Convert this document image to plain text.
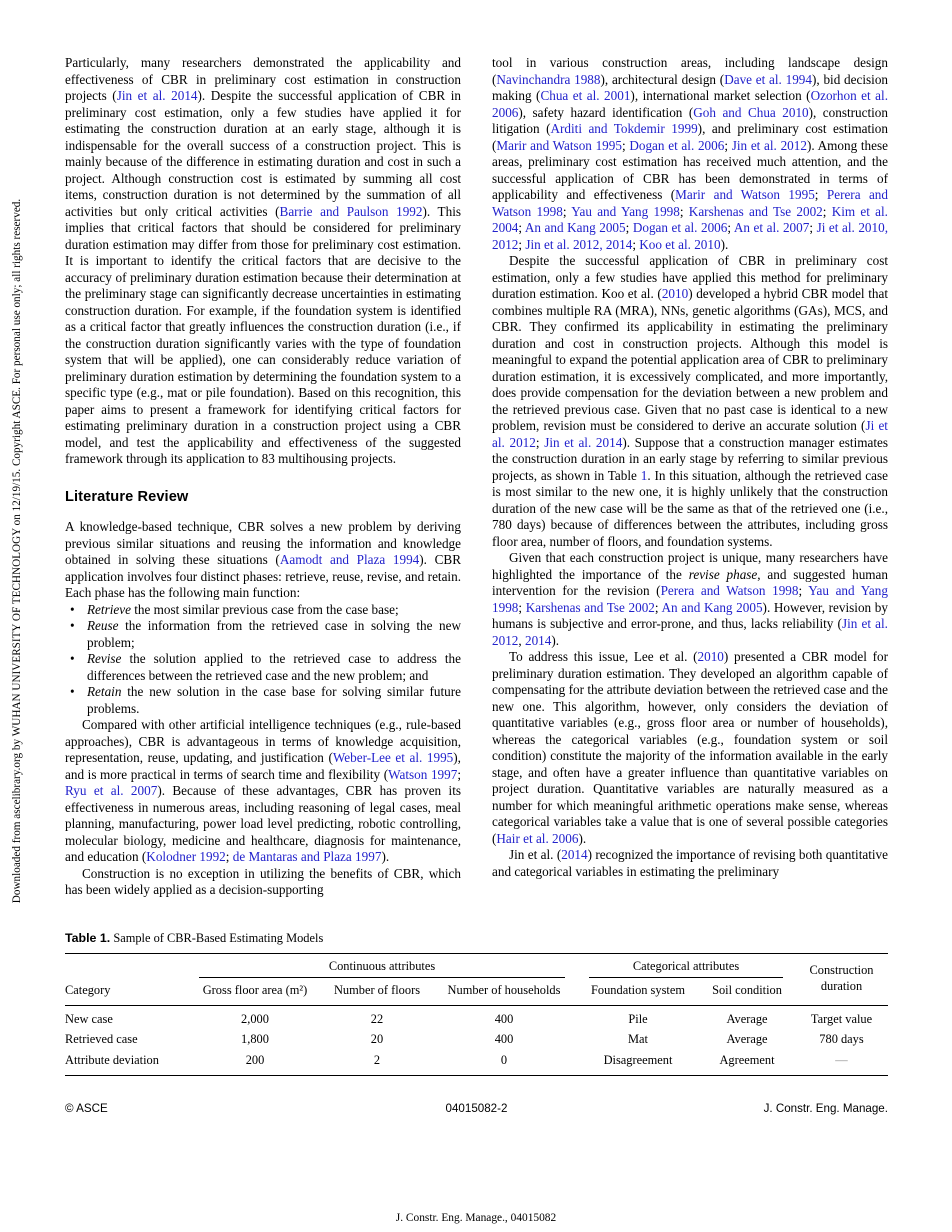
Downloaded from ascelibrary.org by WUHAN UNIVERSITY OF TECHNOLOGY on 12/19/15. Copyright ASCE. For personal use only; all rights reserved.

Particularly, many researchers demonstrated the applicability and effectiveness of CBR in preliminary cost estimation in construction projects (Jin et al. 2014). Despite the successful application of CBR in preliminary cost estimation, only a few studies have applied it for estimating the construction duration at an early stage, although it is indispensable for the overall success of a construction project. This is mainly because of the difference in estimating duration and cost in such a project. Although construction cost is estimated by summing all cost items, construction duration is not determined by the summation of all activities but only critical activities (Barrie and Paulson 1992). This implies that critical factors that should be considered for preliminary duration estimation may differ from those for preliminary cost estimation. It is important to identify the critical factors that are decisive to the accuracy of preliminary duration estimation because their determination at the preliminary stage can significantly decrease uncertainties in estimating construction duration. For example, if the foundation system is identified as a critical factor that greatly influences the construction duration (i.e., if the construction duration significantly varies with the type of foundation system that will be applied), one can considerably reduce variation of preliminary duration estimation by determining the foundation system to a specific type (e.g., mat or pile foundation). Based on this recognition, this paper aims to present a framework for identifying critical factors for estimating preliminary duration in a construction project using a CBR model, and test the applicability and effectiveness of the suggested framework through its application to 83 multihousing projects.

Literature Review

A knowledge-based technique, CBR solves a new problem by deriving previous similar situations and reusing the information and knowledge obtained in solving these situations (Aamodt and Plaza 1994). CBR application involves four distinct phases: retrieve, reuse, revise, and retain. Each phase has the following main function:

• Retrieve the most similar previous case from the case base;
• Reuse the information from the retrieved case in solving the new problem;
• Revise the solution applied to the retrieved case to address the differences between the retrieved case and the new problem; and
• Retain the new solution in the case base for solving similar future problems.

Compared with other artificial intelligence techniques (e.g., rule-based approaches), CBR is advantageous in terms of knowledge acquisition, representation, reuse, updating, and justification (Weber-Lee et al. 1995), and is more practical in terms of search time and flexibility (Watson 1997; Ryu et al. 2007). Because of these advantages, CBR has proven its effectiveness in numerous areas, including reasoning of legal cases, meal planning, manufacturing, power load level predicting, robotic controlling, molecular biology, medicine and healthcare, diagnosis for maintenance, and education (Kolodner 1992; de Mantaras and Plaza 1997).

Construction is no exception in utilizing the benefits of CBR, which has been widely applied as a decision-supporting

tool in various construction areas, including landscape design (Navinchandra 1988), architectural design (Dave et al. 1994), bid decision making (Chua et al. 2001), international market selection (Ozorhon et al. 2006), safety hazard identification (Goh and Chua 2010), construction litigation (Arditi and Tokdemir 1999), and preliminary cost estimation (Marir and Watson 1995; Dogan et al. 2006; Jin et al. 2012). Among these areas, preliminary cost estimation has received much attention, and the successful application of CBR has been demonstrated in terms of applicability and effectiveness (Marir and Watson 1995; Perera and Watson 1998; Yau and Yang 1998; Karshenas and Tse 2002; Kim et al. 2004; An and Kang 2005; Dogan et al. 2006; An et al. 2007; Ji et al. 2010, 2012; Jin et al. 2012, 2014; Koo et al. 2010).

Despite the successful application of CBR in preliminary cost estimation, only a few studies have applied this method for preliminary duration estimation. Koo et al. (2010) developed a hybrid CBR model that combines multiple RA (MRA), NNs, genetic algorithms (GAs), MCS, and CBR. They confirmed its applicability in estimating the preliminary duration and cost in construction projects. Although this model is meaningful to expand the potential application area of CBR to preliminary duration estimation, it is excessively complicated, and more importantly, does provide compensation for the deviation between a new problem and the retrieved previous case. Given that no past case is identical to a new problem, revision must be considered to derive an accurate solution (Ji et al. 2012; Jin et al. 2014). Suppose that a construction manager estimates the construction duration in an early stage by referring to similar previous projects, as shown in Table 1. In this situation, although the retrieved case is most similar to the new one, it is highly unlikely that the construction duration of the new case will be the same as that of the retrieved one (i.e., 780 days) because of differences between the attributes, including gross floor area, number of floors, and foundation systems.

Given that each construction project is unique, many researchers have highlighted the importance of the revise phase, and suggested human intervention for the revision (Perera and Watson 1998; Yau and Yang 1998; Karshenas and Tse 2002; An and Kang 2005). However, revision by humans is subjective and error-prone, and thus, lacks reliability (Jin et al. 2012, 2014).

To address this issue, Lee et al. (2010) presented a CBR model for preliminary duration estimation. They developed an algorithm capable of compensating for the attribute deviation between the retrieved case and the new one. This algorithm, however, only considers the deviation of quantitative variables (e.g., gross floor area or number of households), whereas the categorical variables (e.g., foundation system or soil condition) constitute the majority of the information available in the early stage, and often have a greater influence than quantitative variables on project duration. Quantitative variables are naturally measured as a number for which meaningful arithmetic operations make sense, whereas categorical variables take a value that is one of several possible categories (Hair et al. 2006).

Jin et al. (2014) recognized the importance of revising both quantitative and categorical variables in estimating the preliminary

Table 1. Sample of CBR-Based Estimating Models
Category	Continuous attributes			Categorical attributes		Construction duration
	Gross floor area (m²)	Number of floors	Number of households	Foundation system	Soil condition	
New case	2,000	22	400	Pile	Average	Target value
Retrieved case	1,800	20	400	Mat	Average	780 days
Attribute deviation	200	2	0	Disagreement	Agreement	—
© ASCE	04015082-2	J. Constr. Eng. Manage.
J. Constr. Eng. Manage., 04015082
